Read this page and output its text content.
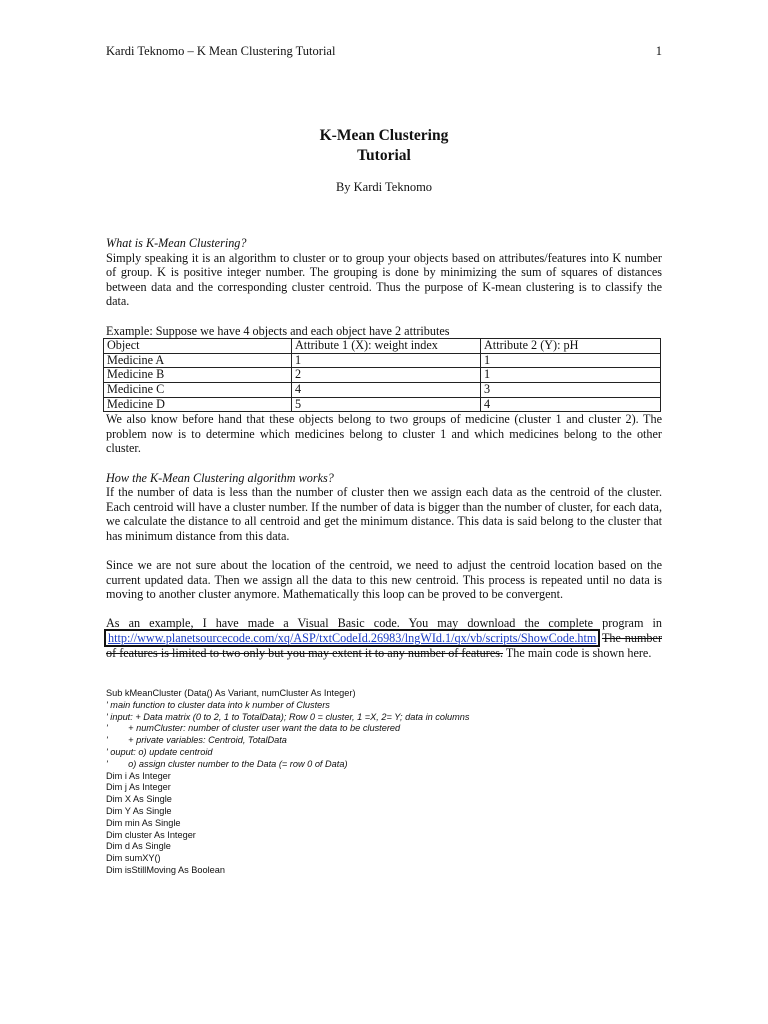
Kardi Teknomo – K Mean Clustering Tutorial	1
K-Mean Clustering
Tutorial
By Kardi Teknomo

What is K-Mean Clustering?

Simply speaking it is an algorithm to cluster or to group your objects based on attributes/features into K number of group. K is positive integer number. The grouping is done by minimizing the sum of squares of distances between data and the corresponding cluster centroid. Thus the purpose of K-mean clustering is to classify the data.

Example: Suppose we have 4 objects and each object have 2 attributes

Object	Attribute 1 (X): weight index	Attribute 2 (Y): pH
Medicine A	1	1
Medicine B	2	1
Medicine C	4	3
Medicine D	5	4

We also know before hand that these objects belong to two groups of medicine (cluster 1 and cluster 2). The problem now is to determine which medicines belong to cluster 1 and which medicines belong to the other cluster.

How the K-Mean Clustering algorithm works?

If the number of data is less than the number of cluster then we assign each data as the centroid of the cluster. Each centroid will have a cluster number. If the number of data is bigger than the number of cluster, for each data, we calculate the distance to all centroid and get the minimum distance. This data is said belong to the cluster that has minimum distance from this data.

Since we are not sure about the location of the centroid, we need to adjust the centroid location based on the current updated data. Then we assign all the data to this new centroid. This process is repeated until no data is moving to another cluster anymore. Mathematically this loop can be proved to be convergent.

As an example, I have made a Visual Basic code. You may download the complete program in http://www.planetsourcecode.com/xq/ASP/txtCodeId.26983/lngWId.1/qx/vb/scripts/ShowCode.htm The number of features is limited to two only but you may extent it to any number of features. The main code is shown here.

Sub kMeanCluster (Data() As Variant, numCluster As Integer)
' main function to cluster data into k number of Clusters
' input: + Data matrix (0 to 2, 1 to TotalData); Row 0 = cluster, 1 =X, 2= Y; data in columns
'        + numCluster: number of cluster user want the data to be clustered
'        + private variables: Centroid, TotalData
' ouput: o) update centroid
'        o) assign cluster number to the Data (= row 0 of Data)
Dim i As Integer
Dim j As Integer
Dim X As Single
Dim Y As Single
Dim min As Single
Dim cluster As Integer
Dim d As Single
Dim sumXY()
Dim isStillMoving As Boolean
